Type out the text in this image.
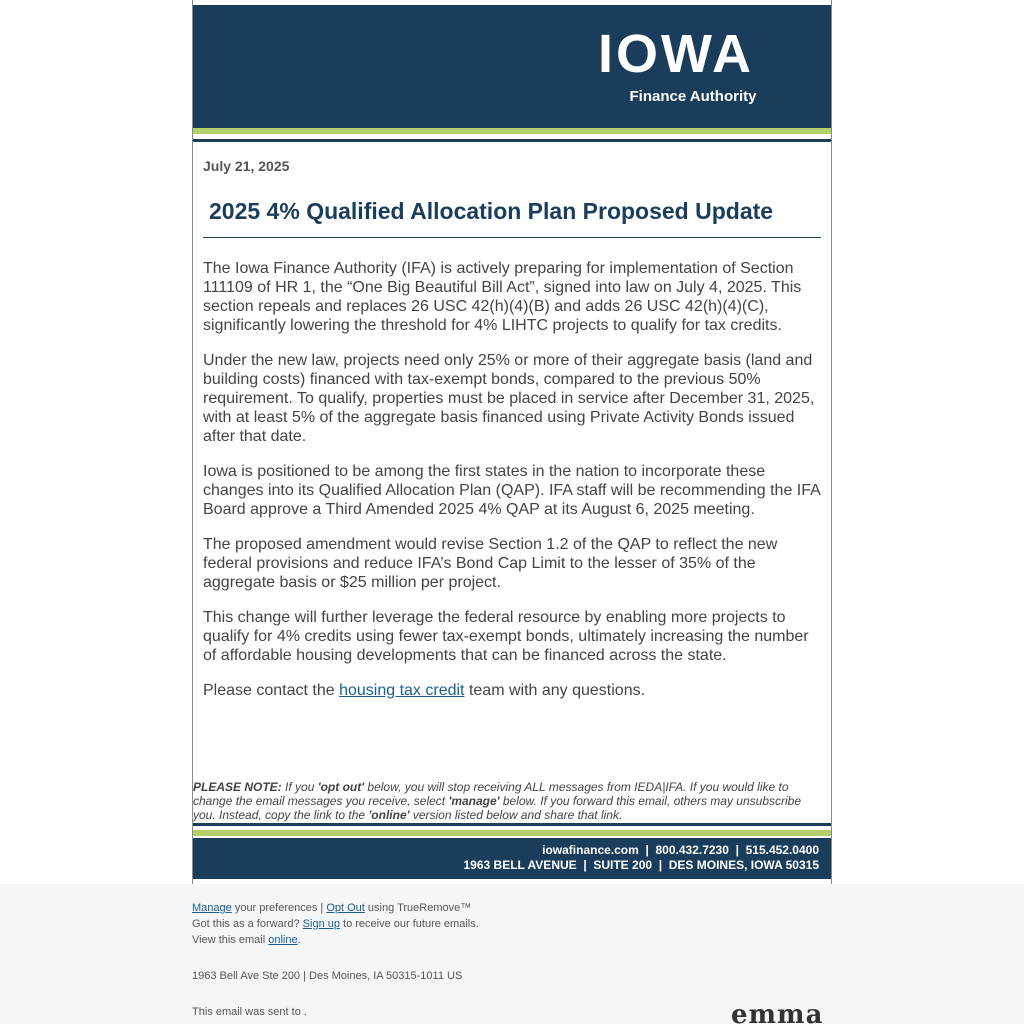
IOWA
Finance Authority
July 21, 2025
2025 4% Qualified Allocation Plan Proposed Update

The Iowa Finance Authority (IFA) is actively preparing for implementation of Section 111109 of HR 1, the “One Big Beautiful Bill Act”, signed into law on July 4, 2025. This section repeals and replaces 26 USC 42(h)(4)(B) and adds 26 USC 42(h)(4)(C), significantly lowering the threshold for 4% LIHTC projects to qualify for tax credits.

Under the new law, projects need only 25% or more of their aggregate basis (land and building costs) financed with tax-exempt bonds, compared to the previous 50% requirement. To qualify, properties must be placed in service after December 31, 2025, with at least 5% of the aggregate basis financed using Private Activity Bonds issued after that date.

Iowa is positioned to be among the first states in the nation to incorporate these changes into its Qualified Allocation Plan (QAP). IFA staff will be recommending the IFA Board approve a Third Amended 2025 4% QAP at its August 6, 2025 meeting.

The proposed amendment would revise Section 1.2 of the QAP to reflect the new federal provisions and reduce IFA’s Bond Cap Limit to the lesser of 35% of the aggregate basis or $25 million per project.

This change will further leverage the federal resource by enabling more projects to qualify for 4% credits using fewer tax-exempt bonds, ultimately increasing the number of affordable housing developments that can be financed across the state.

Please contact the housing tax credit team with any questions.

PLEASE NOTE: If you 'opt out' below, you will stop receiving ALL messages from IEDA|IFA. If you would like to change the email messages you receive, select 'manage' below. If you forward this email, others may unsubscribe you. Instead, copy the link to the 'online' version listed below and share that link.
iowafinance.com  |  800.432.7230  |  515.452.0400
1963 BELL AVENUE  |  SUITE 200  |  DES MOINES, IOWA 50315
Manage your preferences | Opt Out using TrueRemove™
Got this as a forward? Sign up to receive our future emails.
View this email online.
1963 Bell Ave Ste 200 | Des Moines, IA 50315-1011 US
This email was sent to .	emma
